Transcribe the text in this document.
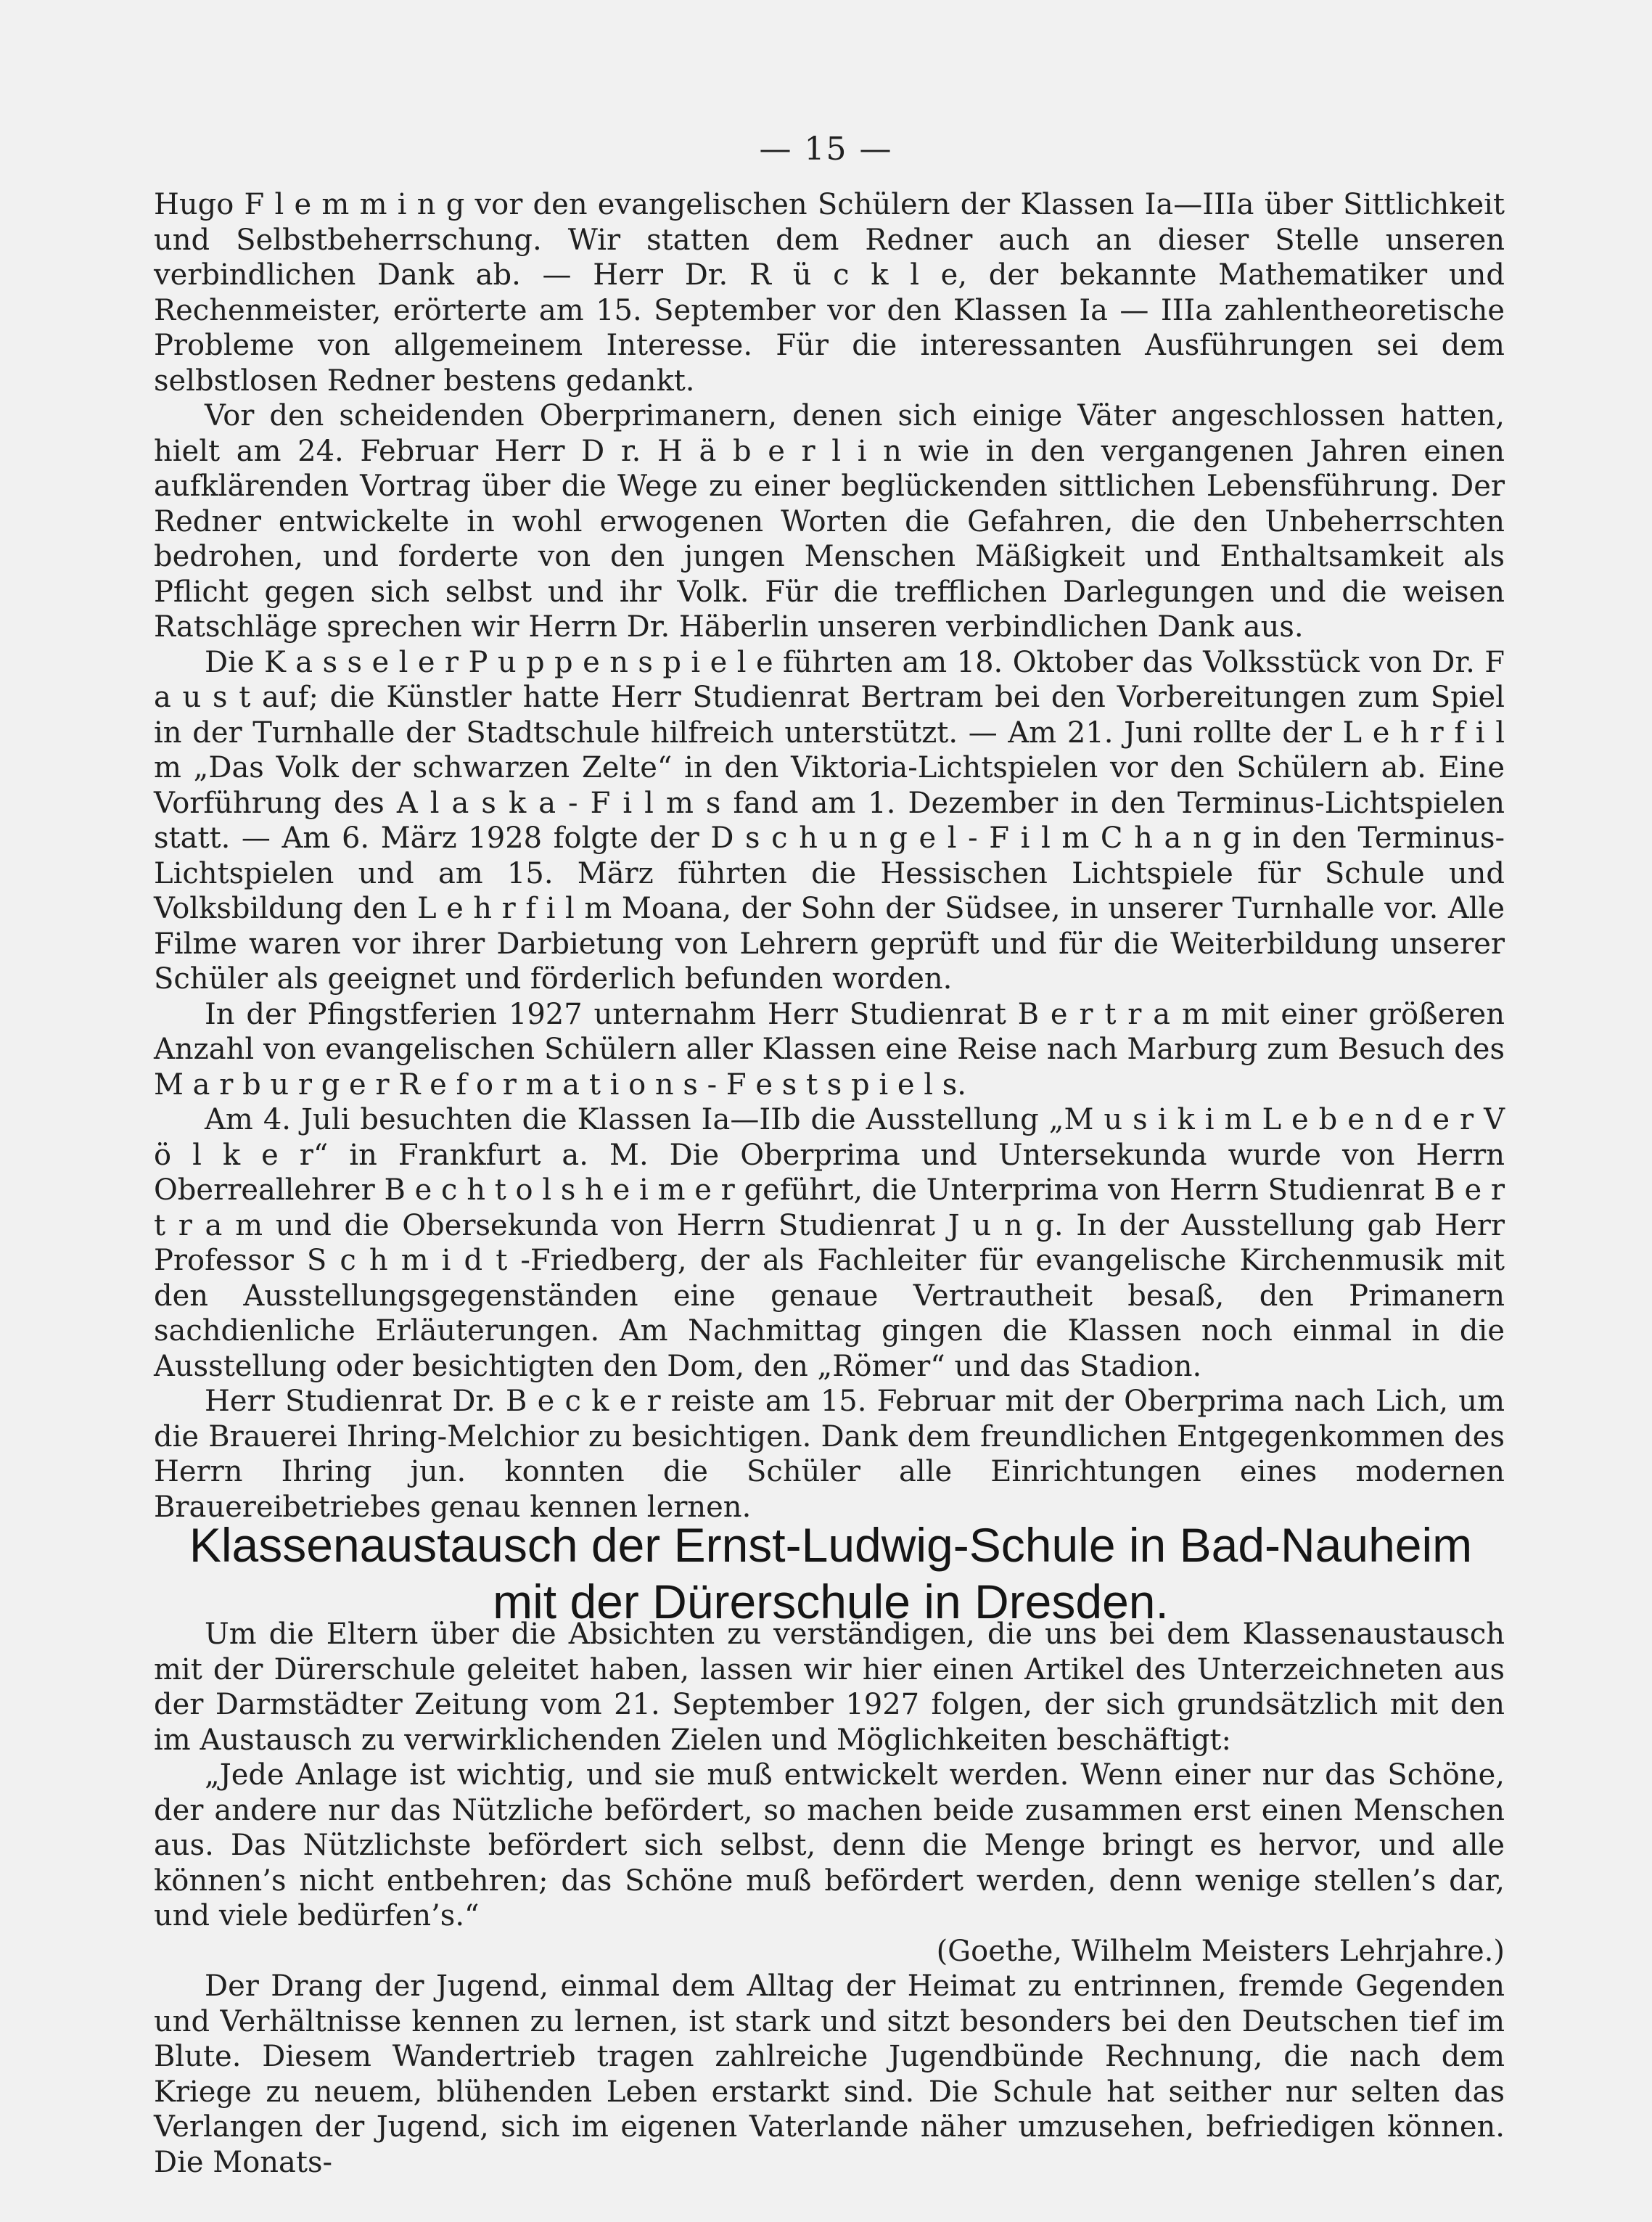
— 15 —

Hugo F l e m m i n g vor den evangelischen Schülern der Klassen Ia—IIIa über Sittlichkeit und Selbstbeherrschung. Wir statten dem Redner auch an dieser Stelle unseren verbindlichen Dank ab. — Herr Dr. R ü c k l e, der bekannte Mathematiker und Rechenmeister, erörterte am 15. September vor den Klassen Ia — IIIa zahlentheoretische Probleme von allgemeinem Interesse. Für die interessanten Ausführungen sei dem selbstlosen Redner bestens gedankt.

Vor den scheidenden Oberprimanern, denen sich einige Väter angeschlossen hatten, hielt am 24. Februar Herr D r. H ä b e r l i n wie in den vergangenen Jahren einen aufklärenden Vortrag über die Wege zu einer beglückenden sittlichen Lebensführung. Der Redner entwickelte in wohl erwogenen Worten die Gefahren, die den Unbeherrschten bedrohen, und forderte von den jungen Menschen Mäßigkeit und Enthaltsamkeit als Pflicht gegen sich selbst und ihr Volk. Für die trefflichen Darlegungen und die weisen Ratschläge sprechen wir Herrn Dr. Häberlin unseren verbindlichen Dank aus.

Die K a s s e l e r P u p p e n s p i e l e führten am 18. Oktober das Volksstück von Dr. F a u s t auf; die Künstler hatte Herr Studienrat Bertram bei den Vorbereitungen zum Spiel in der Turnhalle der Stadtschule hilfreich unterstützt. — Am 21. Juni rollte der L e h r f i l m „Das Volk der schwarzen Zelte“ in den Viktoria-Lichtspielen vor den Schülern ab. Eine Vorführung des A l a s k a - F i l m s fand am 1. Dezember in den Terminus-Lichtspielen statt. — Am 6. März 1928 folgte der D s c h u n g e l - F i l m C h a n g in den Terminus-Lichtspielen und am 15. März führten die Hessischen Lichtspiele für Schule und Volksbildung den L e h r f i l m Moana, der Sohn der Südsee, in unserer Turnhalle vor. Alle Filme waren vor ihrer Darbietung von Lehrern geprüft und für die Weiterbildung unserer Schüler als geeignet und förderlich befunden worden.

In der Pfingstferien 1927 unternahm Herr Studienrat B e r t r a m mit einer größeren Anzahl von evangelischen Schülern aller Klassen eine Reise nach Marburg zum Besuch des M a r b u r g e r R e f o r m a t i o n s - F e s t s p i e l s.

Am 4. Juli besuchten die Klassen Ia—IIb die Ausstellung „M u s i k i m L e b e n d e r V ö l k e r“ in Frankfurt a. M. Die Oberprima und Untersekunda wurde von Herrn Oberreallehrer B e c h t o l s h e i m e r geführt, die Unterprima von Herrn Studienrat B e r t r a m und die Obersekunda von Herrn Studienrat J u n g. In der Ausstellung gab Herr Professor S c h m i d t -Friedberg, der als Fachleiter für evangelische Kirchenmusik mit den Ausstellungsgegenständen eine genaue Vertrautheit besaß, den Primanern sachdienliche Erläuterungen. Am Nachmittag gingen die Klassen noch einmal in die Ausstellung oder besichtigten den Dom, den „Römer“ und das Stadion.

Herr Studienrat Dr. B e c k e r reiste am 15. Februar mit der Oberprima nach Lich, um die Brauerei Ihring-Melchior zu besichtigen. Dank dem freundlichen Entgegenkommen des Herrn Ihring jun. konnten die Schüler alle Einrichtungen eines modernen Brauereibetriebes genau kennen lernen.

Klassenaustausch der Ernst-Ludwig-Schule in Bad-Nauheim mit der Dürerschule in Dresden.

Um die Eltern über die Absichten zu verständigen, die uns bei dem Klassenaustausch mit der Dürerschule geleitet haben, lassen wir hier einen Artikel des Unterzeichneten aus der Darmstädter Zeitung vom 21. September 1927 folgen, der sich grundsätzlich mit den im Austausch zu verwirklichenden Zielen und Möglichkeiten beschäftigt:

„Jede Anlage ist wichtig, und sie muß entwickelt werden. Wenn einer nur das Schöne, der andere nur das Nützliche befördert, so machen beide zusammen erst einen Menschen aus. Das Nützlichste befördert sich selbst, denn die Menge bringt es hervor, und alle können’s nicht entbehren; das Schöne muß befördert werden, denn wenige stellen’s dar, und viele bedürfen’s.“

(Goethe, Wilhelm Meisters Lehrjahre.)

Der Drang der Jugend, einmal dem Alltag der Heimat zu entrinnen, fremde Gegenden und Verhältnisse kennen zu lernen, ist stark und sitzt besonders bei den Deutschen tief im Blute. Diesem Wandertrieb tragen zahlreiche Jugendbünde Rechnung, die nach dem Kriege zu neuem, blühenden Leben erstarkt sind. Die Schule hat seither nur selten das Verlangen der Jugend, sich im eigenen Vaterlande näher umzusehen, befriedigen können. Die Monats-
